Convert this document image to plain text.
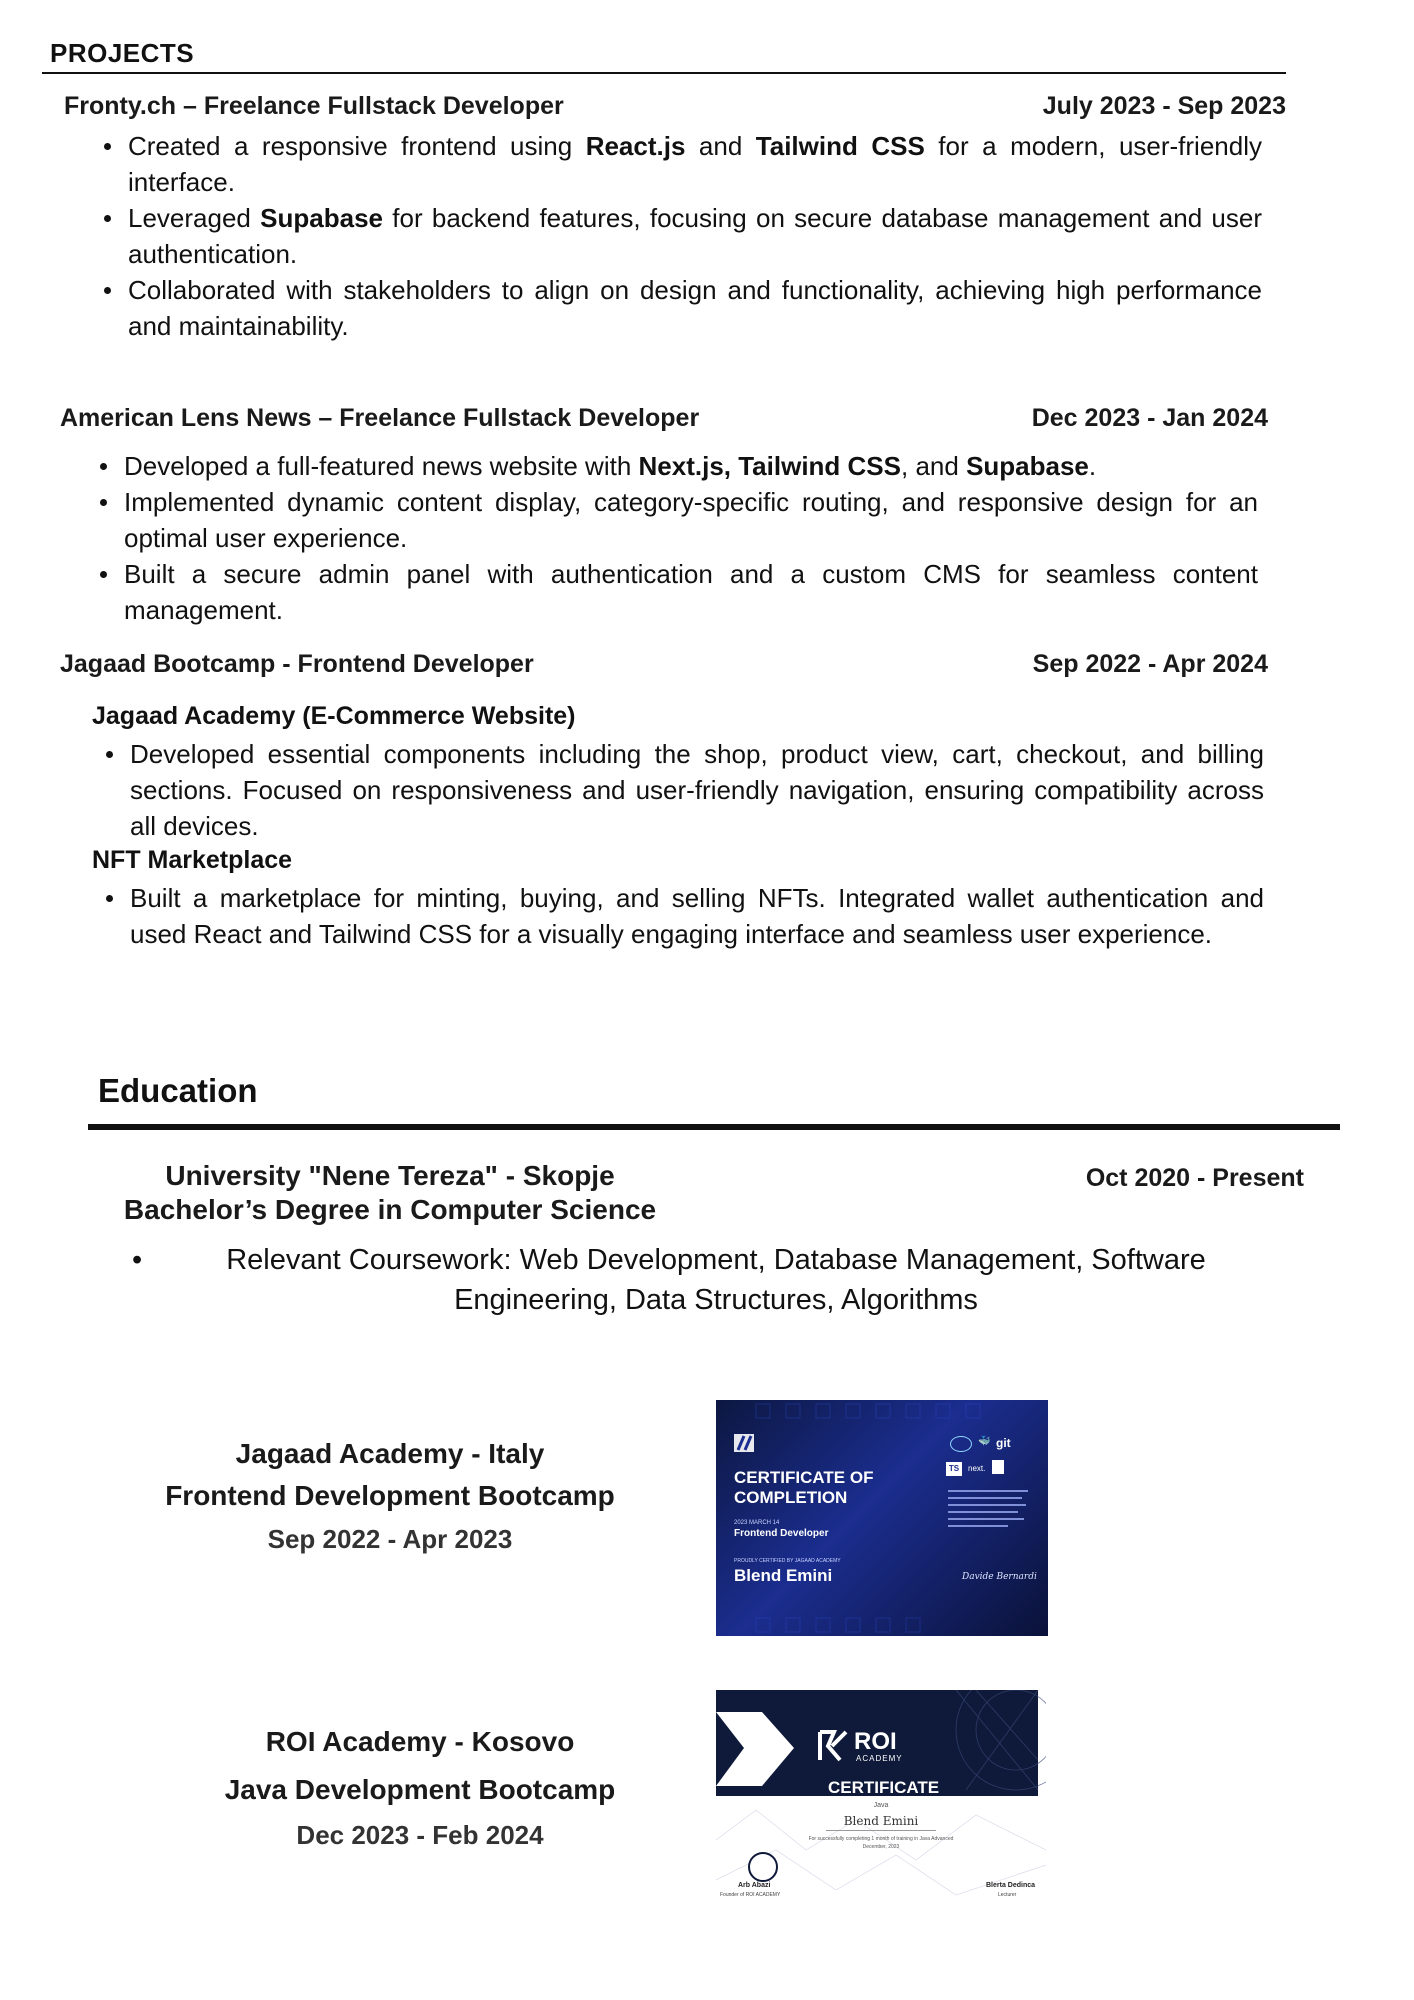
PROJECTS
Fronty.ch – Freelance Fullstack Developer	July 2023 - Sep 2023
Created a responsive frontend using React.js and Tailwind CSS for a modern, user-friendly interface.
Leveraged Supabase for backend features, focusing on secure database management and user authentication.
Collaborated with stakeholders to align on design and functionality, achieving high performance and maintainability.
American Lens News – Freelance Fullstack Developer	Dec 2023 - Jan 2024
Developed a full-featured news website with Next.js, Tailwind CSS, and Supabase.
Implemented dynamic content display, category-specific routing, and responsive design for an optimal user experience.
Built a secure admin panel with authentication and a custom CMS for seamless content management.
Jagaad Bootcamp - Frontend Developer	Sep 2022 - Apr 2024
Jagaad Academy (E-Commerce Website)
Developed essential components including the shop, product view, cart, checkout, and billing sections. Focused on responsiveness and user-friendly navigation, ensuring compatibility across all devices.
NFT Marketplace
Built a marketplace for minting, buying, and selling NFTs. Integrated wallet authentication and used React and Tailwind CSS for a visually engaging interface and seamless user experience.
Education
University "Nene Tereza" - Skopje
Bachelor’s Degree in Computer Science
Oct 2020 - Present
•	Relevant Coursework: Web Development, Database Management, Software Engineering, Data Structures, Algorithms
Jagaad Academy - Italy
Frontend Development Bootcamp
Sep 2022 - Apr 2023
CERTIFICATE OF COMPLETION
2023 MARCH 14
Frontend Developer
PROUDLY CERTIFIED BY JAGAAD ACADEMY
Blend Emini
🐳 git
TS	next.
Davide Bernardi
ROI Academy - Kosovo
Java Development Bootcamp
Dec 2023 - Feb 2024
ROI
ACADEMY
CERTIFICATE
Java
Blend Emini
For successfully completing 1 month of training in Java Advanced
December, 2023
Arb Abazi
Founder of ROI ACADEMY
Blerta Dedinca
Lecturer
